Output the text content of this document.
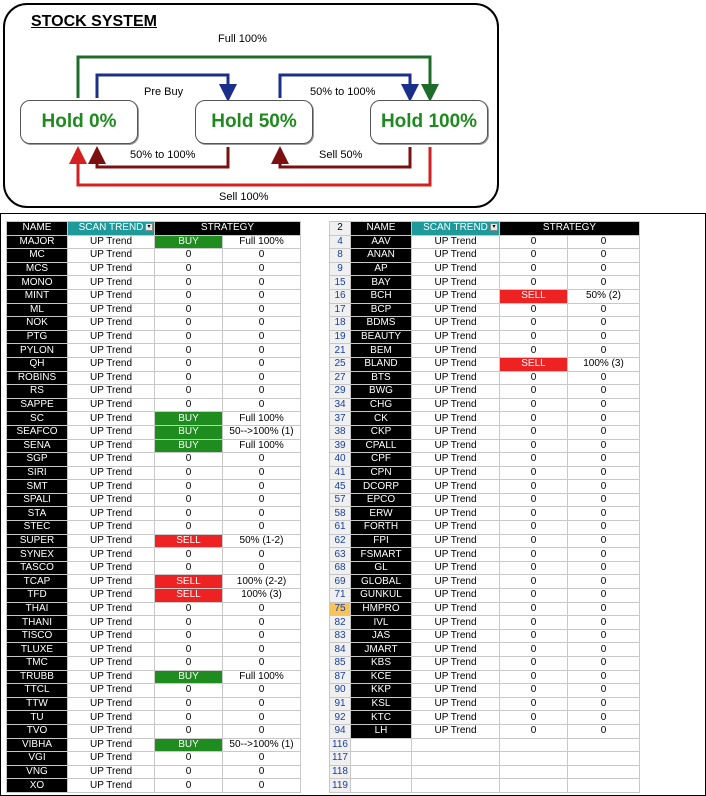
STOCK SYSTEM
Hold 0%	Hold 50%	Hold 100%
Full 100%
Pre Buy	50% to 100%
50% to 100%	Sell 50%
Sell 100%
NAME	SCAN TREND ▾	STRATEGY	
MAJOR	UP Trend	BUY	Full 100%
MC	UP Trend	0	0
MCS	UP Trend	0	0
MONO	UP Trend	0	0
MINT	UP Trend	0	0
ML	UP Trend	0	0
NOK	UP Trend	0	0
PTG	UP Trend	0	0
PYLON	UP Trend	0	0
QH	UP Trend	0	0
ROBINS	UP Trend	0	0
RS	UP Trend	0	0
SAPPE	UP Trend	0	0
SC	UP Trend	BUY	Full 100%
SEAFCO	UP Trend	BUY	50-->100% (1)
SENA	UP Trend	BUY	Full 100%
SGP	UP Trend	0	0
SIRI	UP Trend	0	0
SMT	UP Trend	0	0
SPALI	UP Trend	0	0
STA	UP Trend	0	0
STEC	UP Trend	0	0
SUPER	UP Trend	SELL	50% (1-2)
SYNEX	UP Trend	0	0
TASCO	UP Trend	0	0
TCAP	UP Trend	SELL	100% (2-2)
TFD	UP Trend	SELL	100% (3)
THAI	UP Trend	0	0
THANI	UP Trend	0	0
TISCO	UP Trend	0	0
TLUXE	UP Trend	0	0
TMC	UP Trend	0	0
TRUBB	UP Trend	BUY	Full 100%
TTCL	UP Trend	0	0
TTW	UP Trend	0	0
TU	UP Trend	0	0
TVO	UP Trend	0	0
VIBHA	UP Trend	BUY	50-->100% (1)
VGI	UP Trend	0	0
VNG	UP Trend	0	0
XO	UP Trend	0	0
2	NAME	SCAN TREND ▾	STRATEGY	
4	AAV	UP Trend	0	0
8	ANAN	UP Trend	0	0
9	AP	UP Trend	0	0
15	BAY	UP Trend	0	0
16	BCH	UP Trend	SELL	50% (2)
17	BCP	UP Trend	0	0
18	BDMS	UP Trend	0	0
19	BEAUTY	UP Trend	0	0
21	BEM	UP Trend	0	0
25	BLAND	UP Trend	SELL	100% (3)
27	BTS	UP Trend	0	0
29	BWG	UP Trend	0	0
34	CHG	UP Trend	0	0
37	CK	UP Trend	0	0
38	CKP	UP Trend	0	0
39	CPALL	UP Trend	0	0
40	CPF	UP Trend	0	0
41	CPN	UP Trend	0	0
45	DCORP	UP Trend	0	0
57	EPCO	UP Trend	0	0
58	ERW	UP Trend	0	0
61	FORTH	UP Trend	0	0
62	FPI	UP Trend	0	0
63	FSMART	UP Trend	0	0
68	GL	UP Trend	0	0
69	GLOBAL	UP Trend	0	0
71	GUNKUL	UP Trend	0	0
75	HMPRO	UP Trend	0	0
82	IVL	UP Trend	0	0
83	JAS	UP Trend	0	0
84	JMART	UP Trend	0	0
85	KBS	UP Trend	0	0
87	KCE	UP Trend	0	0
90	KKP	UP Trend	0	0
91	KSL	UP Trend	0	0
92	KTC	UP Trend	0	0
94	LH	UP Trend	0	0
116				
117				
118				
119				
